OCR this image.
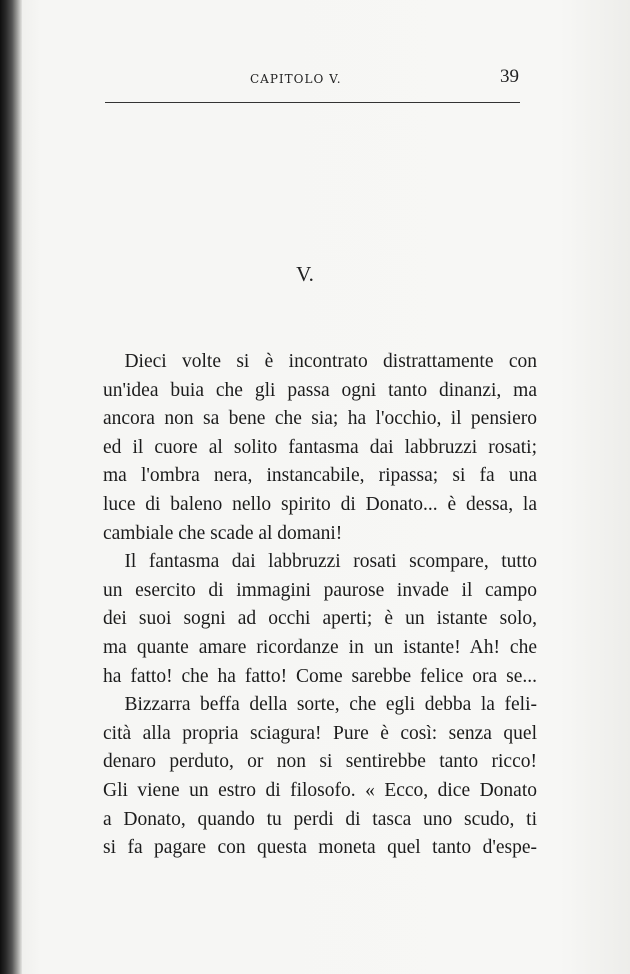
CAPITOLO V.	39
V.
Dieci volte si è incontrato distrattamente con
un'idea buia che gli passa ogni tanto dinanzi, ma
ancora non sa bene che sia; ha l'occhio, il pensiero
ed il cuore al solito fantasma dai labbruzzi rosati;
ma l'ombra nera, instancabile, ripassa; si fa una
luce di baleno nello spirito di Donato... è dessa, la
cambiale che scade al domani!
Il fantasma dai labbruzzi rosati scompare, tutto
un esercito di immagini paurose invade il campo
dei suoi sogni ad occhi aperti; è un istante solo,
ma quante amare ricordanze in un istante! Ah! che
ha fatto! che ha fatto! Come sarebbe felice ora se...
Bizzarra beffa della sorte, che egli debba la feli-
cità alla propria sciagura! Pure è così: senza quel
denaro perduto, or non si sentirebbe tanto ricco!
Gli viene un estro di filosofo. « Ecco, dice Donato
a Donato, quando tu perdi di tasca uno scudo, ti
si fa pagare con questa moneta quel tanto d'espe-
